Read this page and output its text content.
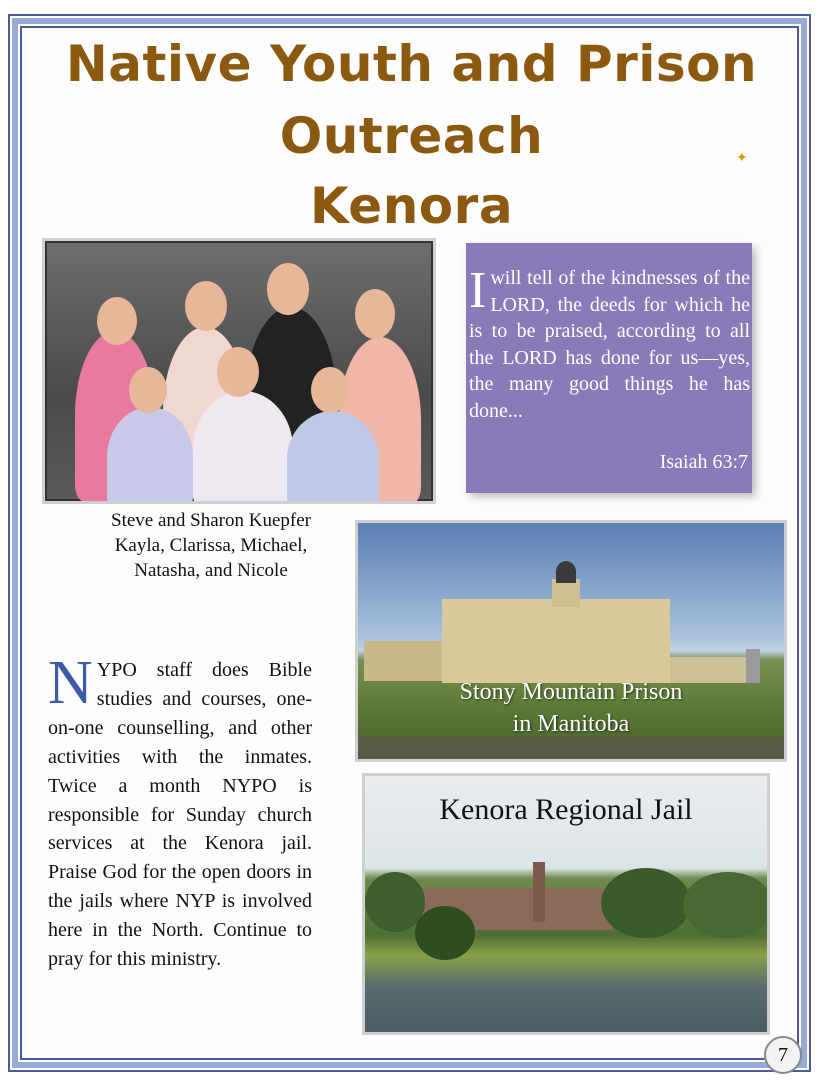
Native Youth and Prison
Outreach
Kenora
✦

Iwill tell of the kindnesses of the LORD, the deeds for which he is to be praised, according to all the LORD has done for us—yes, the many good things he has done...

Isaiah 63:7

Steve and Sharon Kuepfer
Kayla, Clarissa, Michael,
Natasha, and Nicole

Stony Mountain Prison
in Manitoba

NYPO staff does Bible studies and courses, one-on-one counselling, and other activities with the inmates. Twice a month NYPO is responsible for Sunday church services at the Kenora jail. Praise God for the open doors in the jails where NYP is involved here in the North. Continue to pray for this ministry.

Kenora Regional Jail

7
